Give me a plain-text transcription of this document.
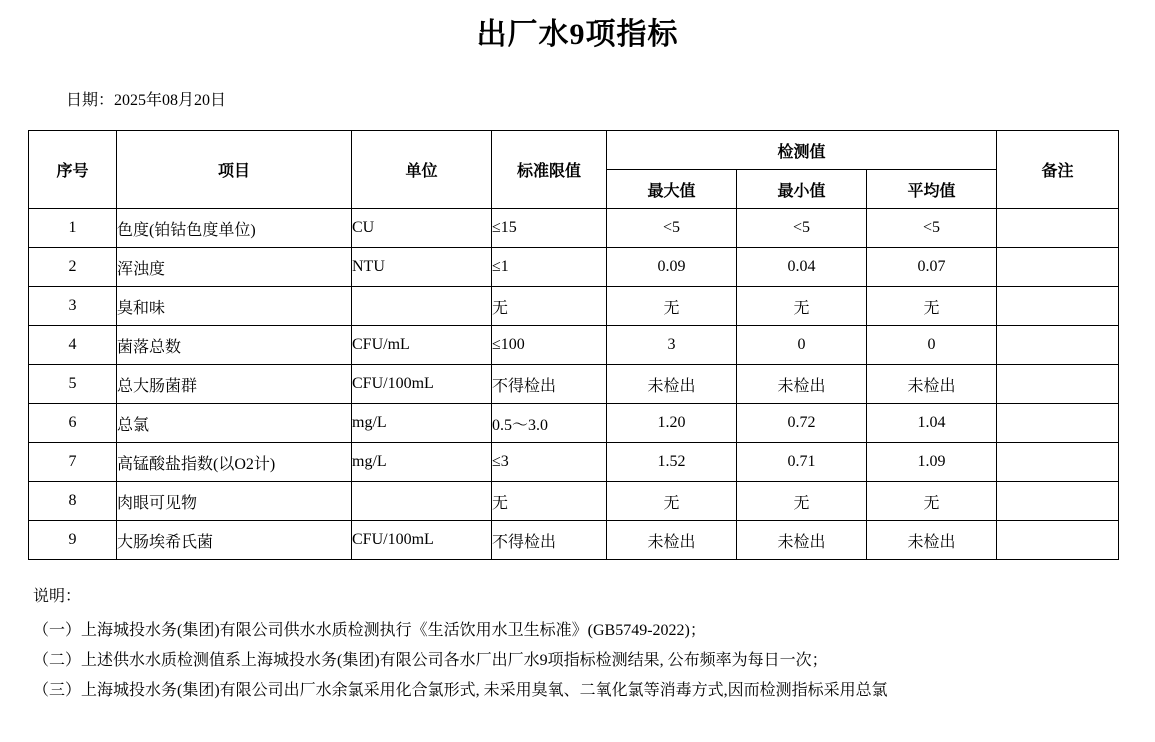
出厂水9项指标
日期：2025年08月20日
序号	项目	单位	标准限值	检测值			备注
				最大值	最小值	平均值	
1	色度(铂钴色度单位)	CU	≤15	<5	<5	<5	
2	浑浊度	NTU	≤1	0.09	0.04	0.07	
3	臭和味		无	无	无	无	
4	菌落总数	CFU/mL	≤100	3	0	0	
5	总大肠菌群	CFU/100mL	不得检出	未检出	未检出	未检出	
6	总氯	mg/L	0.5～3.0	1.20	0.72	1.04	
7	高锰酸盐指数(以O2计)	mg/L	≤3	1.52	0.71	1.09	
8	肉眼可见物		无	无	无	无	
9	大肠埃希氏菌	CFU/100mL	不得检出	未检出	未检出	未检出	
说明：
（一）上海城投水务(集团)有限公司供水水质检测执行《生活饮用水卫生标准》(GB5749-2022)；
（二）上述供水水质检测值系上海城投水务(集团)有限公司各水厂出厂水9项指标检测结果, 公布频率为每日一次；
（三）上海城投水务(集团)有限公司出厂水余氯采用化合氯形式, 未采用臭氧、二氧化氯等消毒方式,因而检测指标采用总氯
